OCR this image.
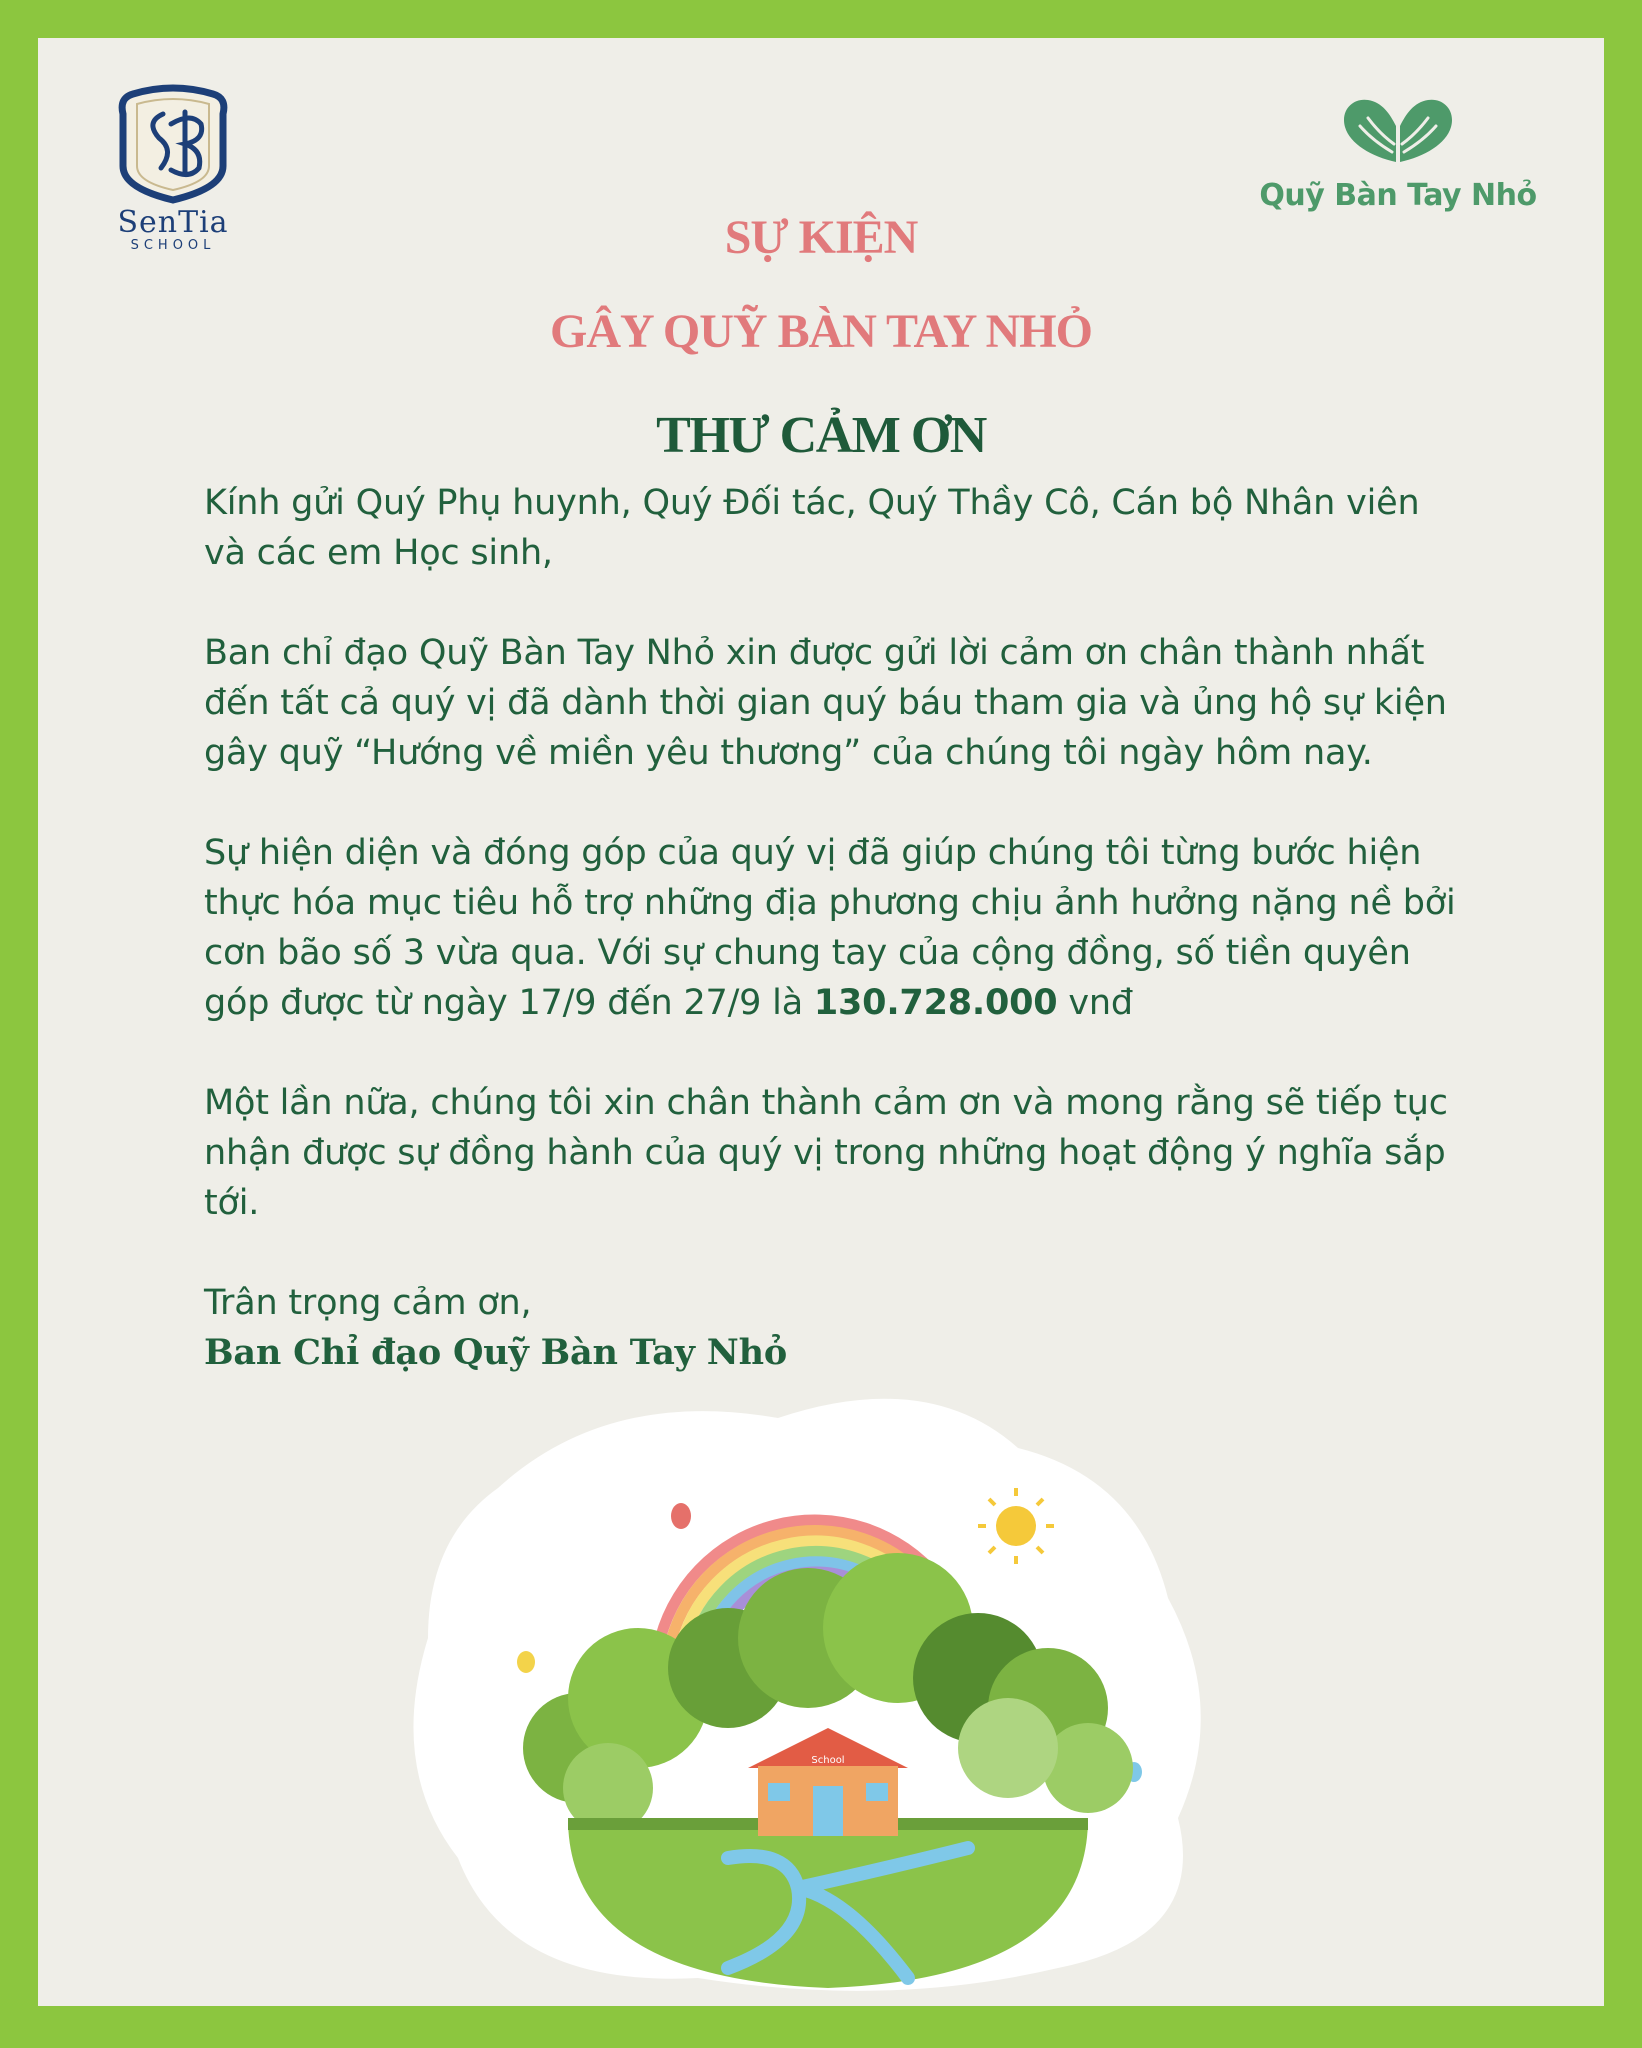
SenTia
SCHOOL
Quỹ Bàn Tay Nhỏ
SỰ KIỆN
GÂY QUỸ BÀN TAY NHỎ
THƯ CẢM ƠN

Kính gửi Quý Phụ huynh, Quý Đối tác, Quý Thầy Cô, Cán bộ Nhân viên

và các em Học sinh,

Ban chỉ đạo Quỹ Bàn Tay Nhỏ xin được gửi lời cảm ơn chân thành nhất

đến tất cả quý vị đã dành thời gian quý báu tham gia và ủng hộ sự kiện

gây quỹ “Hướng về miền yêu thương” của chúng tôi ngày hôm nay.

Sự hiện diện và đóng góp của quý vị đã giúp chúng tôi từng bước hiện

thực hóa mục tiêu hỗ trợ những địa phương chịu ảnh hưởng nặng nề bởi

cơn bão số 3 vừa qua. Với sự chung tay của cộng đồng, số tiền quyên

góp được từ ngày 17/9 đến 27/9 là 130.728.000 vnđ

Một lần nữa, chúng tôi xin chân thành cảm ơn và mong rằng sẽ tiếp tục

nhận được sự đồng hành của quý vị trong những hoạt động ý nghĩa sắp

tới.

Trân trọng cảm ơn,

Ban Chỉ đạo Quỹ Bàn Tay Nhỏ

School
